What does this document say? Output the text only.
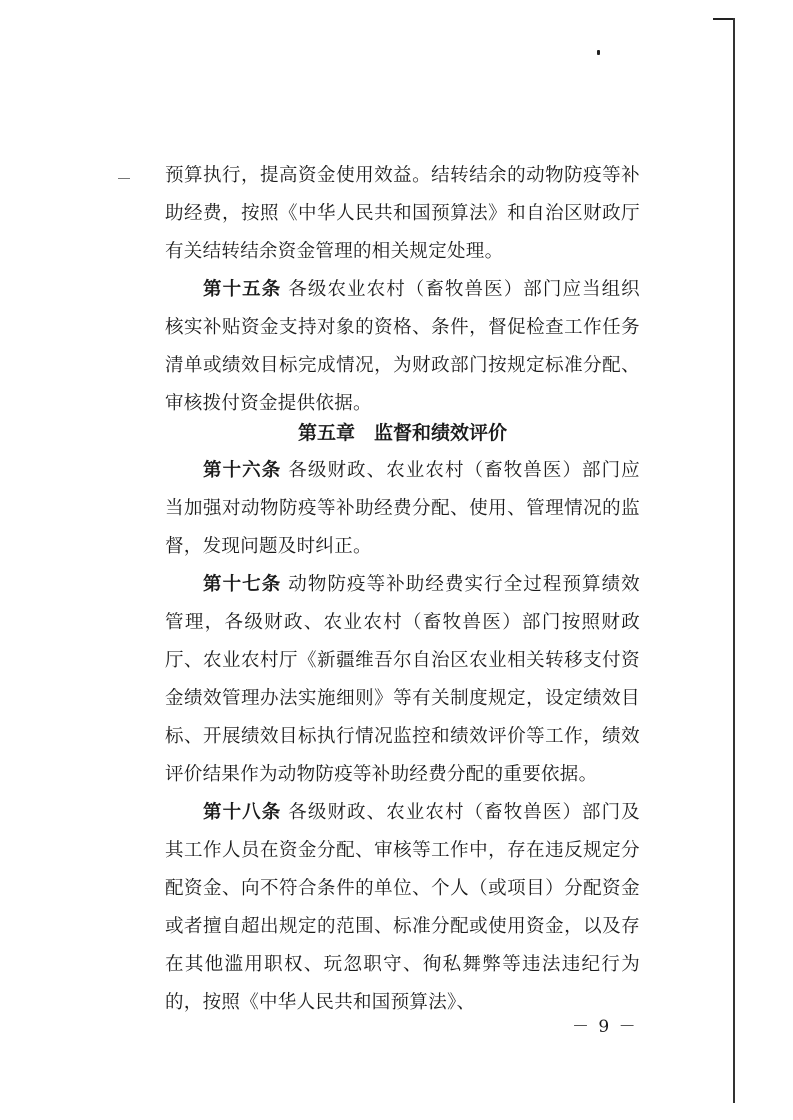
预算执行，提高资金使用效益。结转结余的动物防疫等补助经费，按照《中华人民共和国预算法》和自治区财政厅有关结转结余资金管理的相关规定处理。

第十五条 各级农业农村（畜牧兽医）部门应当组织核实补贴资金支持对象的资格、条件，督促检查工作任务清单或绩效目标完成情况，为财政部门按规定标准分配、审核拨付资金提供依据。

第五章　监督和绩效评价

第十六条 各级财政、农业农村（畜牧兽医）部门应当加强对动物防疫等补助经费分配、使用、管理情况的监督，发现问题及时纠正。

第十七条 动物防疫等补助经费实行全过程预算绩效管理，各级财政、农业农村（畜牧兽医）部门按照财政厅、农业农村厅《新疆维吾尔自治区农业相关转移支付资金绩效管理办法实施细则》等有关制度规定，设定绩效目标、开展绩效目标执行情况监控和绩效评价等工作，绩效评价结果作为动物防疫等补助经费分配的重要依据。

第十八条 各级财政、农业农村（畜牧兽医）部门及其工作人员在资金分配、审核等工作中，存在违反规定分配资金、向不符合条件的单位、个人（或项目）分配资金或者擅自超出规定的范围、标准分配或使用资金，以及存在其他滥用职权、玩忽职守、徇私舞弊等违法违纪行为的，按照《中华人民共和国预算法》、

－ 9 －
